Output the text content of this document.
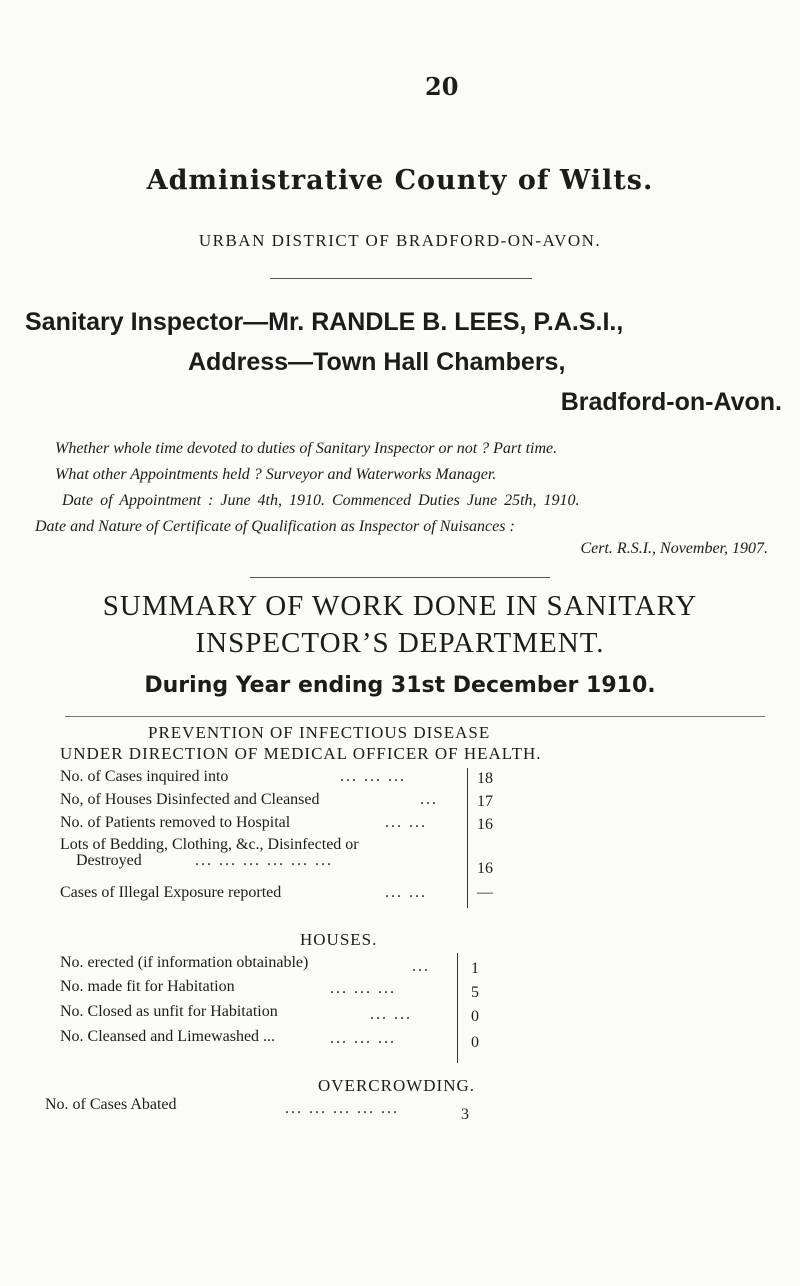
20
Administrative County of Wilts.
URBAN DISTRICT OF BRADFORD-ON-AVON.
Sanitary Inspector—Mr. RANDLE B. LEES, P.A.S.I.,
Address—Town Hall Chambers,
Bradford-on-Avon.
Whether whole time devoted to duties of Sanitary Inspector or not ? Part time.
What other Appointments held ? Surveyor and Waterworks Manager.
Date of Appointment : June 4th, 1910. Commenced Duties June 25th, 1910.
Date and Nature of Certificate of Qualification as Inspector of Nuisances :
Cert. R.S.I., November, 1907.
SUMMARY OF WORK DONE IN SANITARY
INSPECTOR’S DEPARTMENT.
During Year ending 31st December 1910.
PREVENTION OF INFECTIOUS DISEASE
UNDER DIRECTION OF MEDICAL OFFICER OF HEALTH.
No. of Cases inquired into	... ... ...	18
No, of Houses Disinfected and Cleansed	...	17
No. of Patients removed to Hospital	... ...	16
Lots of Bedding, Clothing, &c., Disinfected or
Destroyed	... ... ... ... ... ...	16
Cases of Illegal Exposure reported	... ...	—
HOUSES.
No. erected (if information obtainable)	...	1
No. made fit for Habitation	... ... ...	5
No. Closed as unfit for Habitation	... ...	0
No. Cleansed and Limewashed ...	... ... ...	0
OVERCROWDING.
No. of Cases Abated	... ... ... ... ...	3
